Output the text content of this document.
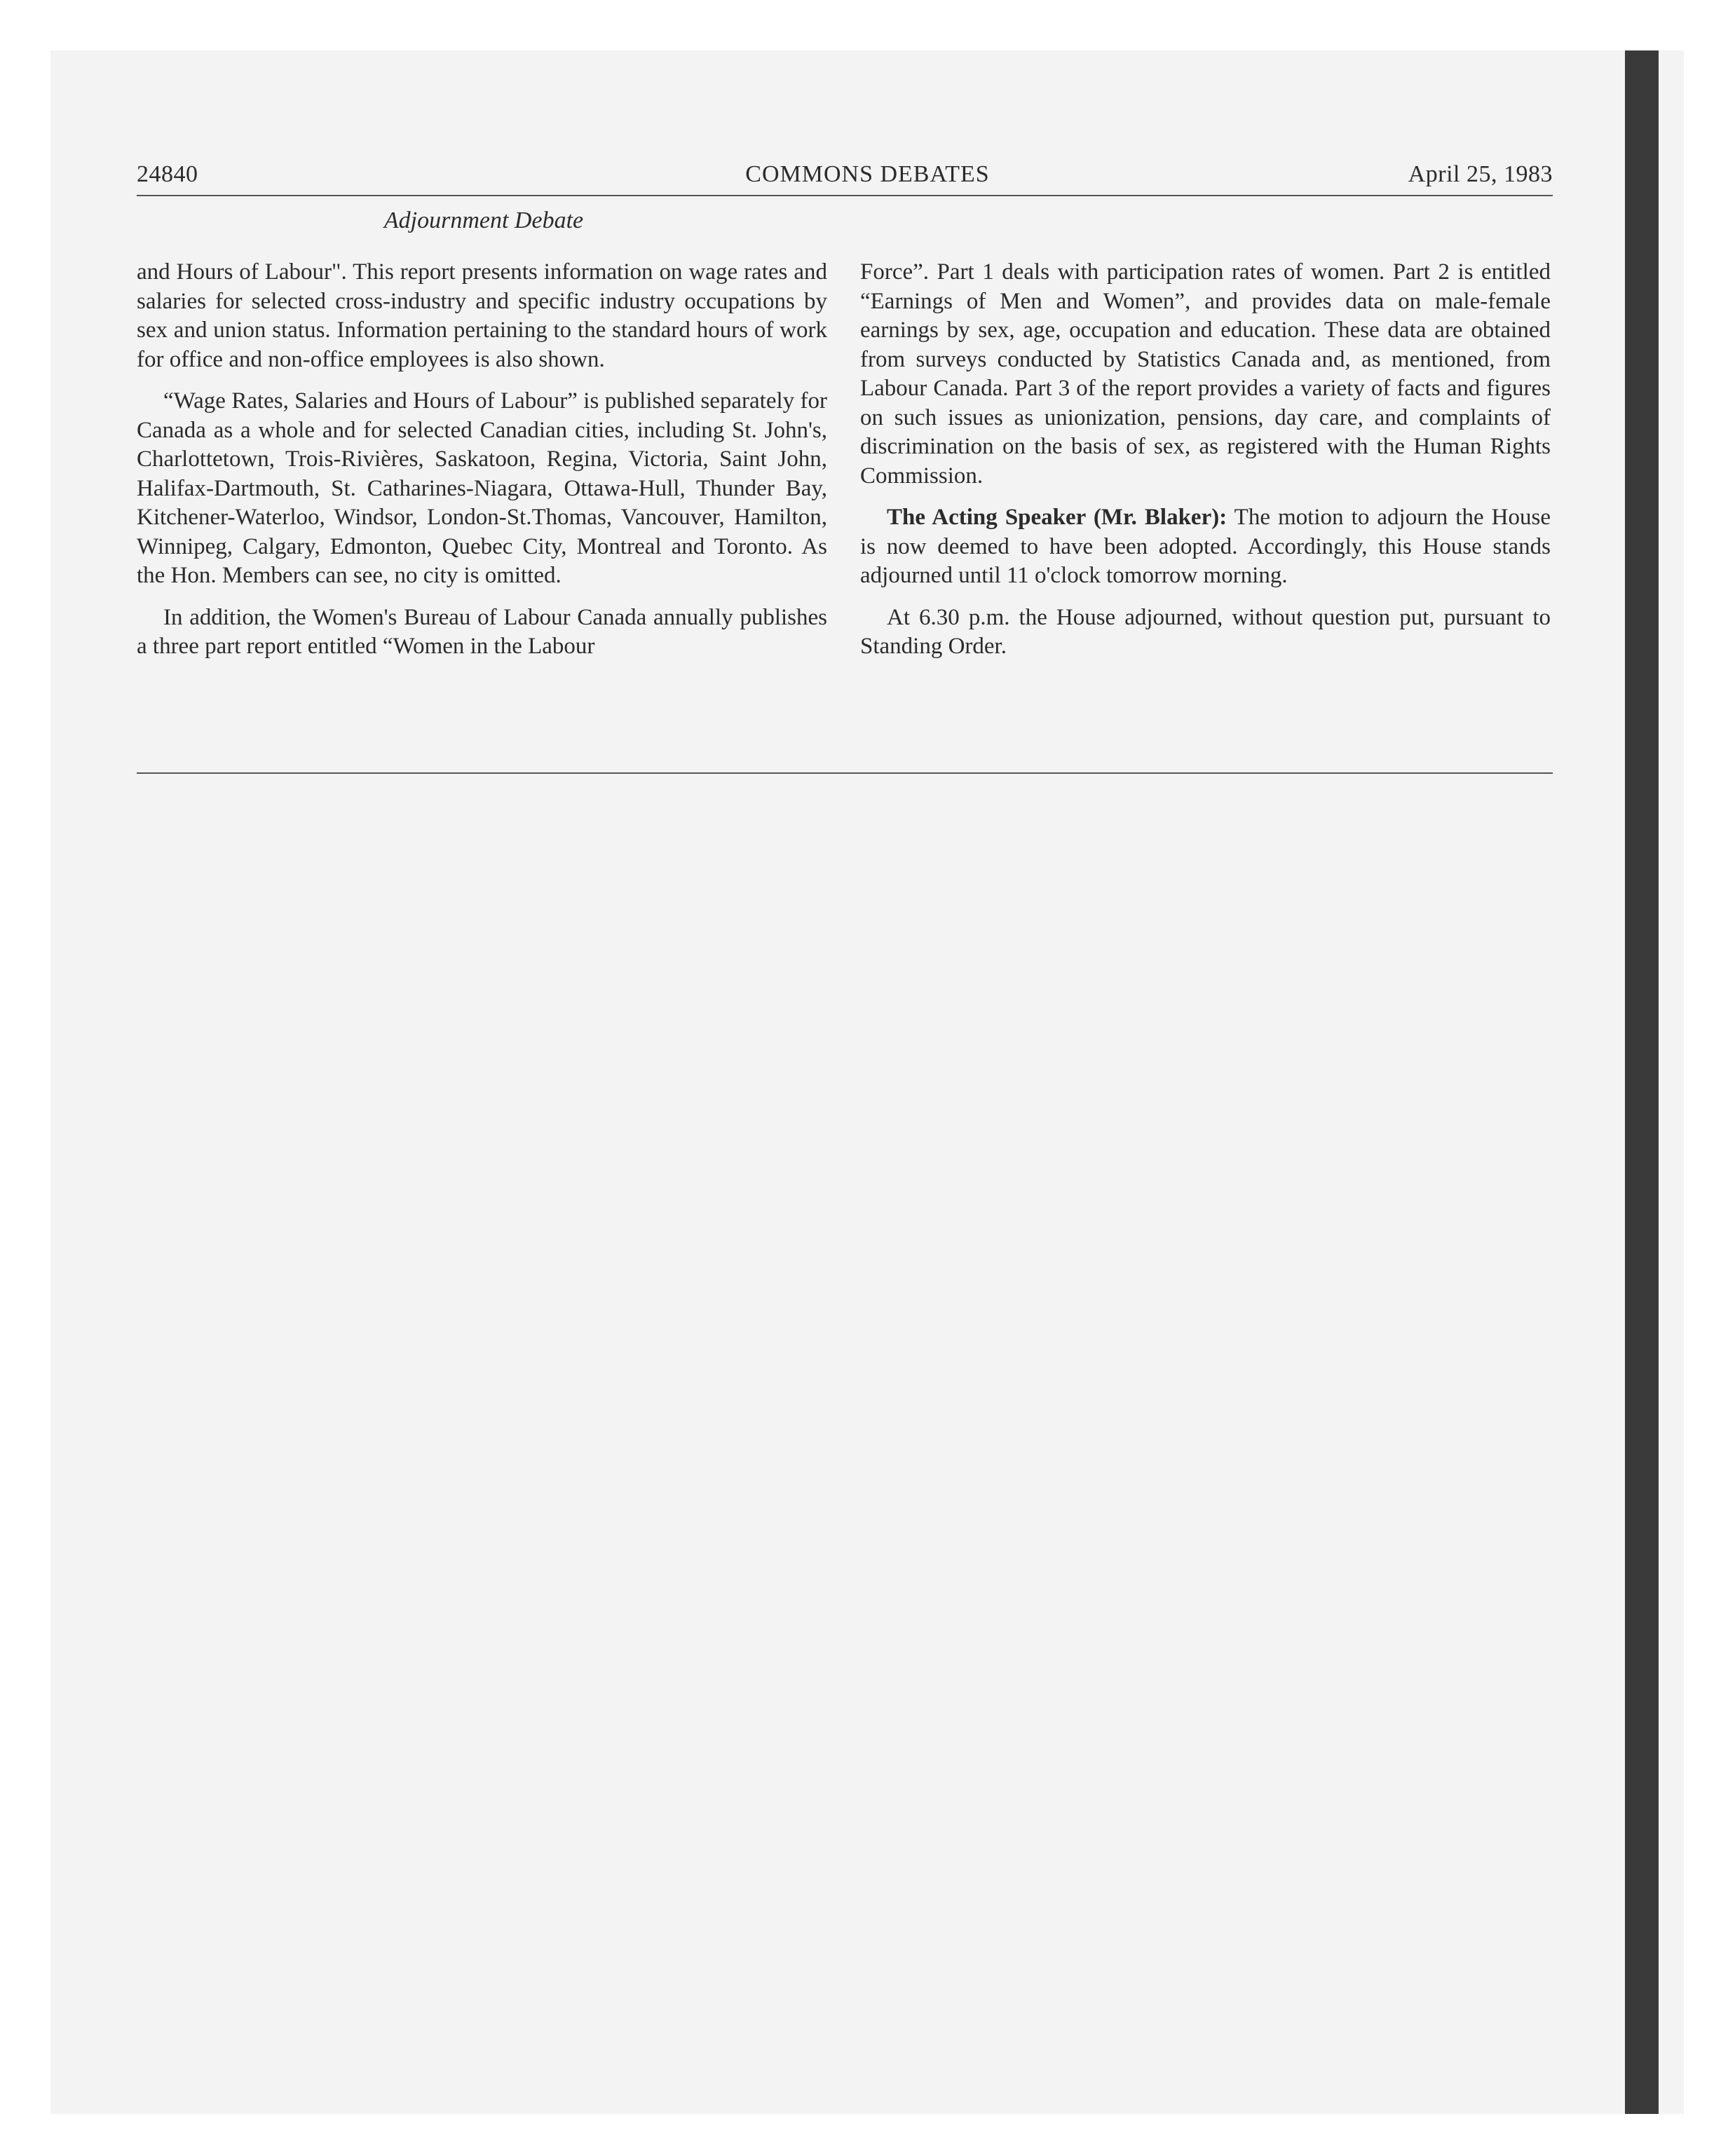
24840	COMMONS DEBATES	April 25, 1983
Adjournment Debate

and Hours of Labour". This report presents information on wage rates and salaries for selected cross-industry and specific industry occupations by sex and union status. Information pertaining to the standard hours of work for office and non-office employees is also shown.

“Wage Rates, Salaries and Hours of Labour” is published separately for Canada as a whole and for selected Canadian cities, including St. John's, Charlottetown, Trois-Rivières, Saskatoon, Regina, Victoria, Saint John, Halifax-Dartmouth, St. Catharines-Niagara, Ottawa-Hull, Thunder Bay, Kitchener-Waterloo, Windsor, London-St.Thomas, Vancouver, Hamilton, Winnipeg, Calgary, Edmonton, Quebec City, Montreal and Toronto. As the Hon. Members can see, no city is omitted.

In addition, the Women's Bureau of Labour Canada annually publishes a three part report entitled “Women in the Labour

Force”. Part 1 deals with participation rates of women. Part 2 is entitled “Earnings of Men and Women”, and provides data on male-female earnings by sex, age, occupation and education. These data are obtained from surveys conducted by Statistics Canada and, as mentioned, from Labour Canada. Part 3 of the report provides a variety of facts and figures on such issues as unionization, pensions, day care, and complaints of discrimination on the basis of sex, as registered with the Human Rights Commission.

The Acting Speaker (Mr. Blaker): The motion to adjourn the House is now deemed to have been adopted. Accordingly, this House stands adjourned until 11 o'clock tomorrow morning.

At 6.30 p.m. the House adjourned, without question put, pursuant to Standing Order.
